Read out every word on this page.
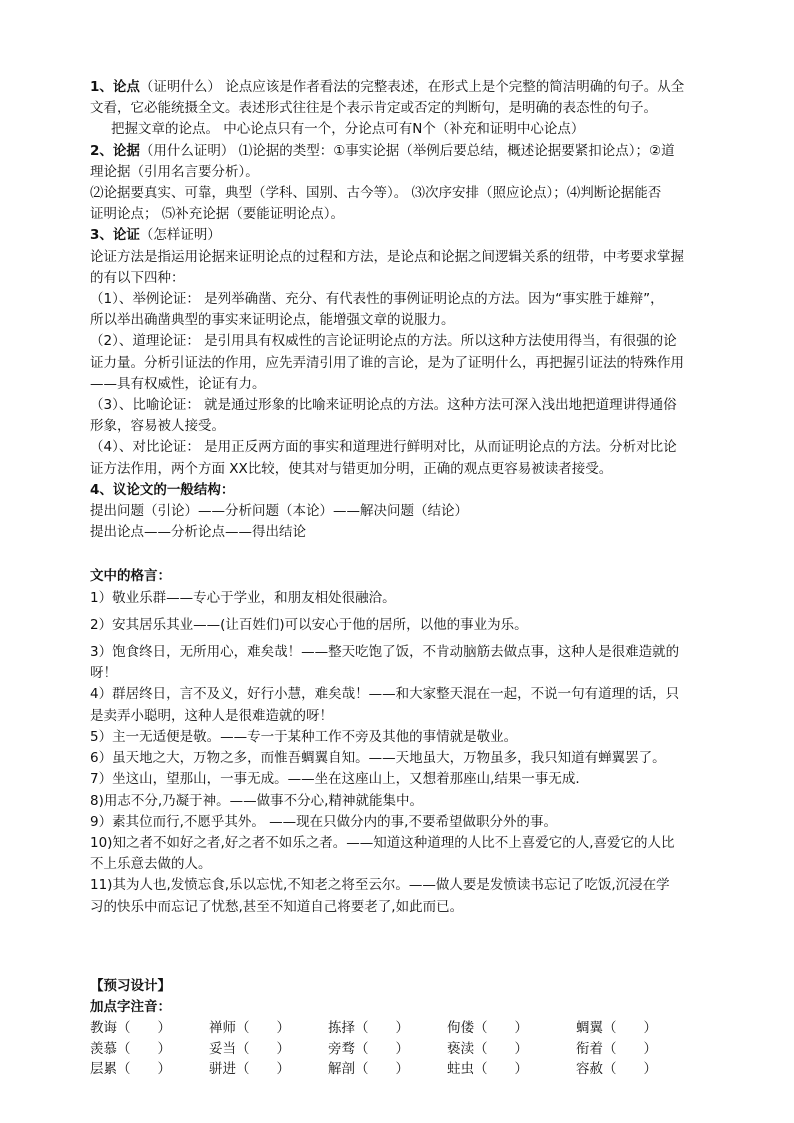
1、论点（证明什么） 论点应该是作者看法的完整表述，在形式上是个完整的简洁明确的句子。从全

文看，它必能统摄全文。表述形式往往是个表示肯定或否定的判断句，是明确的表态性的句子。

把握文章的论点。 中心论点只有一个，分论点可有N个（补充和证明中心论点）

2、论据（用什么证明） ⑴论据的类型：①事实论据（举例后要总结，概述论据要紧扣论点）；②道

理论据（引用名言要分析）。

⑵论据要真实、可靠，典型（学科、国别、古今等）。 ⑶次序安排（照应论点）；⑷判断论据能否

证明论点； ⑸补充论据（要能证明论点）。

3、论证（怎样证明）

论证方法是指运用论据来证明论点的过程和方法，是论点和论据之间逻辑关系的纽带，中考要求掌握

的有以下四种：

（1）、举例论证： 是列举确凿、充分、有代表性的事例证明论点的方法。因为“事实胜于雄辩”，

所以举出确凿典型的事实来证明论点，能增强文章的说服力。

（2）、道理论证： 是引用具有权威性的言论证明论点的方法。所以这种方法使用得当，有很强的论

证力量。分析引证法的作用，应先弄清引用了谁的言论，是为了证明什么，再把握引证法的特殊作用

——具有权威性，论证有力。

（3）、比喻论证： 就是通过形象的比喻来证明论点的方法。这种方法可深入浅出地把道理讲得通俗

形象，容易被人接受。

（4）、对比论证： 是用正反两方面的事实和道理进行鲜明对比，从而证明论点的方法。分析对比论

证方法作用，两个方面 XX比较，使其对与错更加分明，正确的观点更容易被读者接受。

4、议论文的一般结构：

提出问题（引论）——分析问题（本论）——解决问题（结论）

提出论点——分析论点——得出结论

文中的格言：

1）敬业乐群——专心于学业，和朋友相处很融洽。

2）安其居乐其业——(让百姓们)可以安心于他的居所，以他的事业为乐。

3）饱食终日，无所用心，难矣哉！——整天吃饱了饭，不肯动脑筋去做点事，这种人是很难造就的

呀！

4）群居终日，言不及义，好行小慧，难矣哉！——和大家整天混在一起，不说一句有道理的话，只

是卖弄小聪明，这种人是很难造就的呀！

5）主一无适便是敬。——专一于某种工作不旁及其他的事情就是敬业。

6）虽天地之大，万物之多，而惟吾蜩翼自知。——天地虽大，万物虽多，我只知道有蝉翼罢了。

7）坐这山，望那山，一事无成。——坐在这座山上，又想着那座山,结果一事无成.

8)用志不分,乃凝于神。——做事不分心,精神就能集中。

9）素其位而行,不愿乎其外。 ——现在只做分内的事,不要希望做职分外的事。

10)知之者不如好之者,好之者不如乐之者。——知道这种道理的人比不上喜爱它的人,喜爱它的人比

不上乐意去做的人。

11)其为人也,发愤忘食,乐以忘忧,不知老之将至云尔。——做人要是发愤读书忘记了吃饭,沉浸在学

习的快乐中而忘记了忧愁,甚至不知道自己将要老了,如此而已。

【预习设计】

加点字注音：

教诲（　　）	禅师（　　）	拣择（　　）	佝偻（　　）	蜩翼（　　）
羡慕（　　）	妥当（　　）	旁骛（　　）	亵渎（　　）	衔着（　　）
层累（　　）	骈进（　　）	解剖（　　）	蛀虫（　　）	容赦（　　）
